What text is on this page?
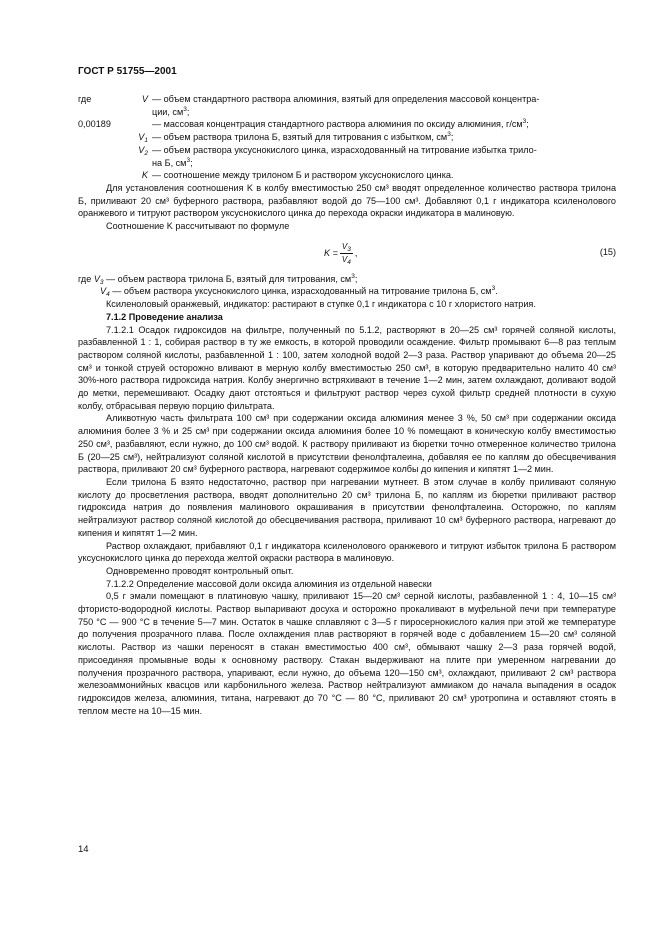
ГОСТ Р 51755—2001
где	V — объем стандартного раствора алюминия, взятый для определения массовой концентра-
ции, $см^3$;
0,00189	— массовая концентрация стандартного раствора алюминия по оксиду алюминия, $г/см^3$;
$V_1$ — объем раствора трилона Б, взятый для титрования с избытком, $см^3$;
$V_2$ — объем раствора уксуснокислого цинка, израсходованный на титрование избытка трило-
на Б, $см^3$;
K — соотношение между трилоном Б и раствором уксуснокислого цинка.

Для установления соотношения K в колбу вместимостью 250 см³ вводят определенное количество раствора трилона Б, приливают 20 см³ буферного раствора, разбавляют водой до 75—100 см³. Добавляют 0,1 г индикатора ксиленолового оранжевого и титруют раствором уксуснокислого цинка до перехода окраски индикатора в малиновую.

Соотношение K рассчитывают по формуле

$K = \frac{V_3}{V_4}$ ,	(15)
где $V_3$ — объем раствора трилона Б, взятый для титрования, $см^3$;
$V_4$ — объем раствора уксуснокислого цинка, израсходованный на титрование трилона Б, $см^3$.

Ксиленоловый оранжевый, индикатор: растирают в ступке 0,1 г индикатора с 10 г хлористого натрия.

7.1.2 Проведение анализа

7.1.2.1 Осадок гидроксидов на фильтре, полученный по 5.1.2, растворяют в 20—25 см³ горячей соляной кислоты, разбавленной 1 : 1, собирая раствор в ту же емкость, в которой проводили осаждение. Фильтр промывают 6—8 раз теплым раствором соляной кислоты, разбавленной 1 : 100, затем холодной водой 2—3 раза. Раствор упаривают до объема 20—25 см³ и тонкой струей осторожно вливают в мерную колбу вместимостью 250 см³, в которую предварительно налито 40 см³ 30%-ного раствора гидроксида натрия. Колбу энергично встряхивают в течение 1—2 мин, затем охлаждают, доливают водой до метки, перемешивают. Осадку дают отстояться и фильтруют раствор через сухой фильтр средней плотности в сухую колбу, отбрасывая первую порцию фильтрата.

Аликвотную часть фильтрата 100 см³ при содержании оксида алюминия менее 3 %, 50 см³ при содержании оксида алюминия более 3 % и 25 см³ при содержании оксида алюминия более 10 % помещают в коническую колбу вместимостью 250 см³, разбавляют, если нужно, до 100 см³ водой. К раствору приливают из бюретки точно отмеренное количество трилона Б (20—25 см³), нейтрализуют соляной кислотой в присутствии фенолфталеина, добавляя ее по каплям до обесцвечивания раствора, приливают 20 см³ буферного раствора, нагревают содержимое колбы до кипения и кипятят 1—2 мин.

Если трилона Б взято недостаточно, раствор при нагревании мутнеет. В этом случае в колбу приливают соляную кислоту до просветления раствора, вводят дополнительно 20 см³ трилона Б, по каплям из бюретки приливают раствор гидроксида натрия до появления малинового окрашивания в присутствии фенолфталеина. Осторожно, по каплям нейтрализуют раствор соляной кислотой до обесцвечивания раствора, приливают 10 см³ буферного раствора, нагревают до кипения и кипятят 1—2 мин.

Раствор охлаждают, прибавляют 0,1 г индикатора ксиленолового оранжевого и титруют избыток трилона Б раствором уксуснокислого цинка до перехода желтой окраски раствора в малиновую.

Одновременно проводят контрольный опыт.

7.1.2.2 Определение массовой доли оксида алюминия из отдельной навески

0,5 г эмали помещают в платиновую чашку, приливают 15—20 см³ серной кислоты, разбавленной 1 : 4, 10—15 см³ фтористо-водородной кислоты. Раствор выпаривают досуха и осторожно прокаливают в муфельной печи при температуре 750 °C — 900 °C в течение 5—7 мин. Остаток в чашке сплавляют с 3—5 г пиросернокислого калия при этой же температуре до получения прозрачного плава. После охлаждения плав растворяют в горячей воде с добавлением 15—20 см³ соляной кислоты. Раствор из чашки переносят в стакан вместимостью 400 см³, обмывают чашку 2—3 раза горячей водой, присоединяя промывные воды к основному раствору. Стакан выдерживают на плите при умеренном нагревании до получения прозрачного раствора, упаривают, если нужно, до объема 120—150 см³, охлаждают, приливают 2 см³ раствора железоаммонийных квасцов или карбонильного железа. Раствор нейтрализуют аммиаком до начала выпадения в осадок гидроксидов железа, алюминия, титана, нагревают до 70 °C — 80 °C, приливают 20 см³ уротропина и оставляют стоять в теплом месте на 10—15 мин.

14
